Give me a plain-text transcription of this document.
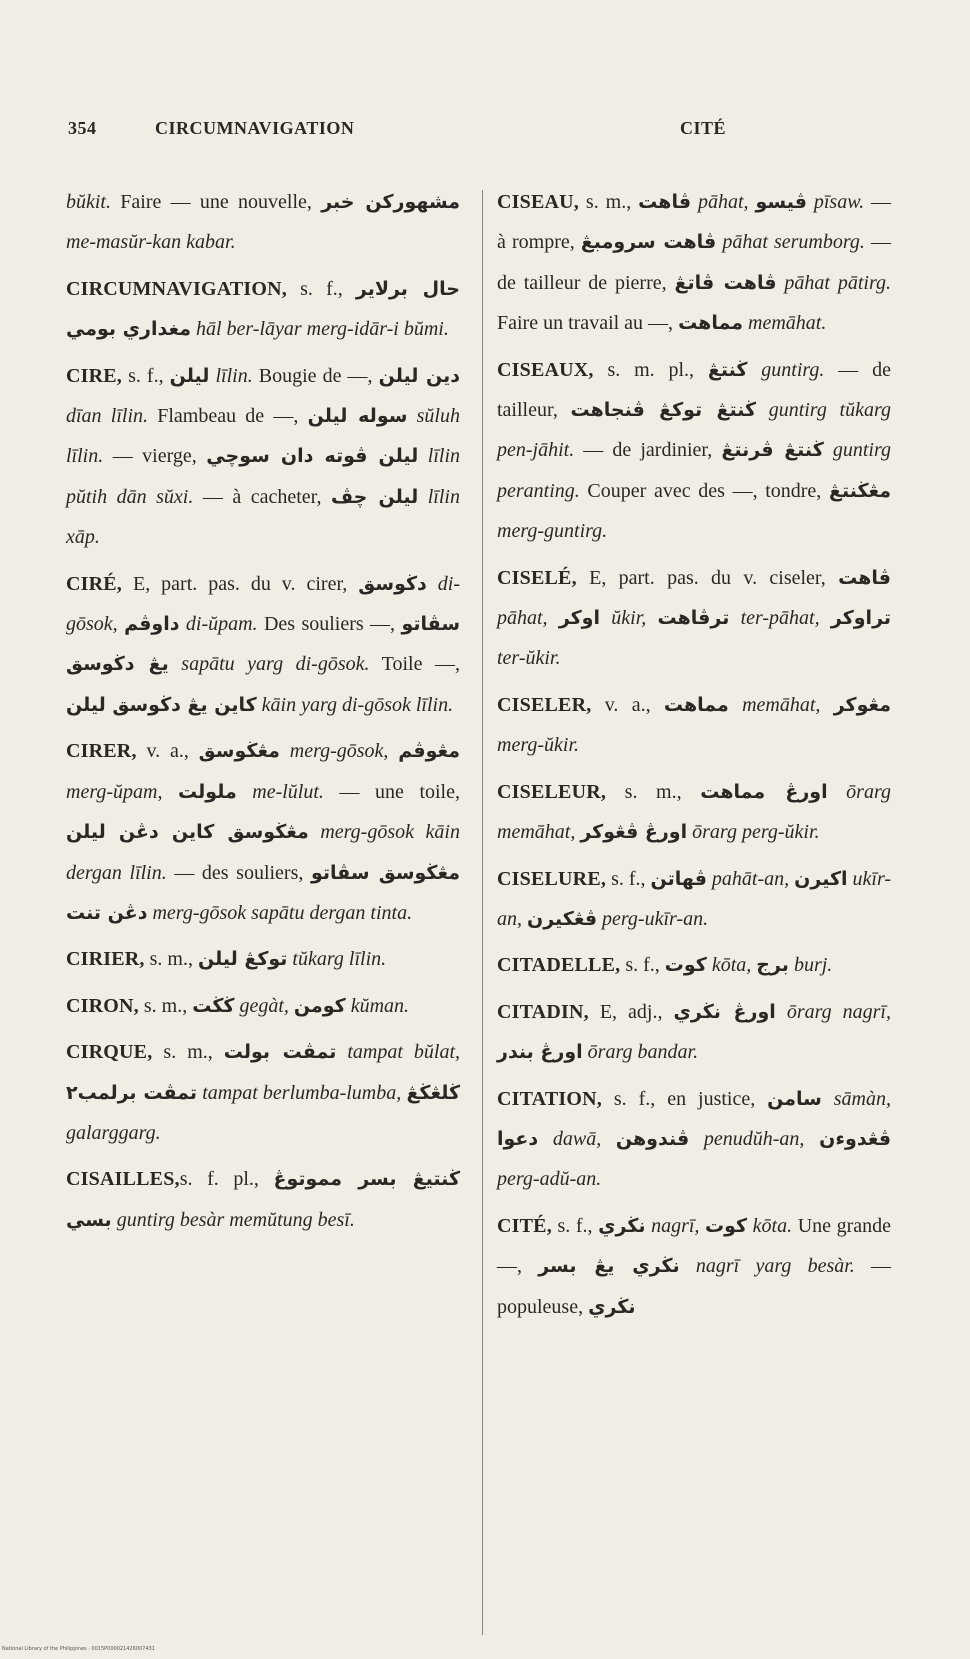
354	CIRCUMNAVIGATION	CITÉ

bŭkit. Faire — une nouvelle, مشهوركن خبر me-masŭr-kan kabar.

CIRCUMNAVIGATION, s. f., حال برلاير مغداري بومي hāl ber-lāyar merg-idār-i bŭmi.

CIRE, s. f., ليلن līlin. Bougie de —, دين ليلن dīan līlin. Flambeau de —, سوله ليلن sŭluh līlin. — vierge, ليلن ڤوته دان سوچي līlin pŭtih dān sŭxi. — à cacheter, ليلن چڤ līlin xāp.

CIRÉ, E, part. pas. du v. cirer, دڬوسق di-gōsok, داوڤم di-ŭpam. Des souliers —, سڤاتو يڠ دڬوسق sapātu yarg di-gōsok. Toile —, كاين يڠ دڬوسق ليلن kāin yarg di-gōsok līlin.

CIRER, v. a., مڠڬوسق merg-gōsok, مڠوڤم merg-ŭpam, ملولت me-lŭlut. — une toile, مڠڬوسق كاين دڠن ليلن merg-gōsok kāin dergan līlin. — des souliers, مڠڬوسق سڤاتو دڠن تنت merg-gōsok sapātu dergan tinta.

CIRIER, s. m., توكڠ ليلن tŭkarg līlin.

CIRON, s. m., ڬڬت gegàt, كومن kŭman.

CIRQUE, s. m., تمڤت بولت tampat bŭlat, تمڤت برلمب٢ tampat berlumba-lumba, ڬلڠڬڠ galarggarg.

CISAILLES,s. f. pl., ڬنتيڠ بسر مموتوڠ بسي guntirg besàr memŭtung besī.

CISEAU, s. m., ڤاهت pāhat, ڤيسو pīsaw. — à rompre, ڤاهت سرومبڠ pāhat serumborg. — de tailleur de pierre, ڤاهت ڤاتڠ pāhat pātirg. Faire un travail au —, مماهت memāhat.

CISEAUX, s. m. pl., ڬنتڠ guntirg. — de tailleur, ڬنتڠ توكڠ ڤنجاهت guntirg tŭkarg pen-jāhit. — de jardinier, ڬنتڠ ڤرنتڠ guntirg peranting. Couper avec des —, tondre, مڠڬنتڠ merg-guntirg.

CISELÉ, E, part. pas. du v. ciseler, ڤاهت pāhat, اوكر ŭkir, ترڤاهت ter-pāhat, تراوكر ter-ŭkir.

CISELER, v. a., مماهت memāhat, مڠوكر merg-ŭkir.

CISELEUR, s. m., اورڠ مماهت ōrarg memāhat, اورڠ ڤڠوكر ōrarg perg-ŭkir.

CISELURE, s. f., ڤهاتن pahāt-an, اكيرن ukīr-an, ڤڠكيرن perg-ukīr-an.

CITADELLE, s. f., كوت kōta, برج burj.

CITADIN, E, adj., اورڠ نڬري ōrarg nagrī, اورڠ بندر ōrarg bandar.

CITATION, s. f., en justice, سامن sāmàn, دعوا dawā, ڤندوهن penudŭh-an, ڤڠدوءن perg-adŭ-an.

CITÉ, s. f., نڬري nagrī, كوت kōta. Une grande —, نڬري يڠ بسر nagrī yarg besàr. — populeuse, نڬري

National Library of the Philippines · 0015P000021426007431
